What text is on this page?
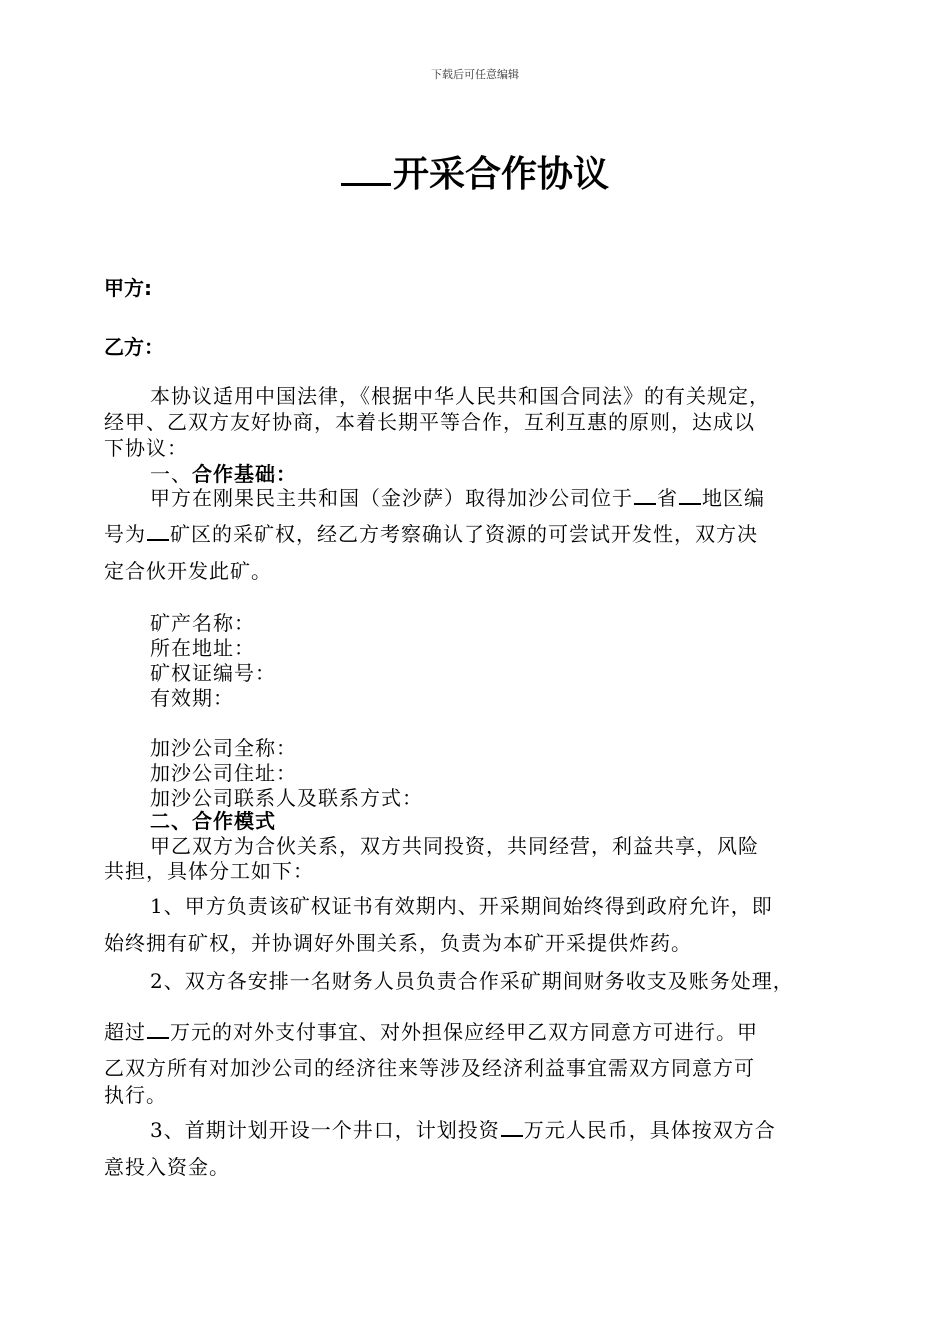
下载后可任意编辑
开采合作协议
甲方:
乙方：
本协议适用中国法律，《根据中华人民共和国合同法》的有关规定，
经甲、乙双方友好协商，本着长期平等合作，互利互惠的原则，达成以
下协议：
一、合作基础：
甲方在刚果民主共和国（金沙萨）取得加沙公司位于 省 地区编
号为 矿区的采矿权，经乙方考察确认了资源的可尝试开发性，双方决
定合伙开发此矿。
矿产名称：
所在地址：
矿权证编号：
有效期：
加沙公司全称：
加沙公司住址：
加沙公司联系人及联系方式：
二、合作模式
甲乙双方为合伙关系，双方共同投资，共同经营，利益共享，风险
共担，具体分工如下：
1、甲方负责该矿权证书有效期内、开采期间始终得到政府允许，即
始终拥有矿权，并协调好外围关系，负责为本矿开采提供炸药。
2、双方各安排一名财务人员负责合作采矿期间财务收支及账务处理，
超过 万元的对外支付事宜、对外担保应经甲乙双方同意方可进行。甲
乙双方所有对加沙公司的经济往来等涉及经济利益事宜需双方同意方可
执行。
3、首期计划开设一个井口，计划投资 万元人民币，具体按双方合
意投入资金。
